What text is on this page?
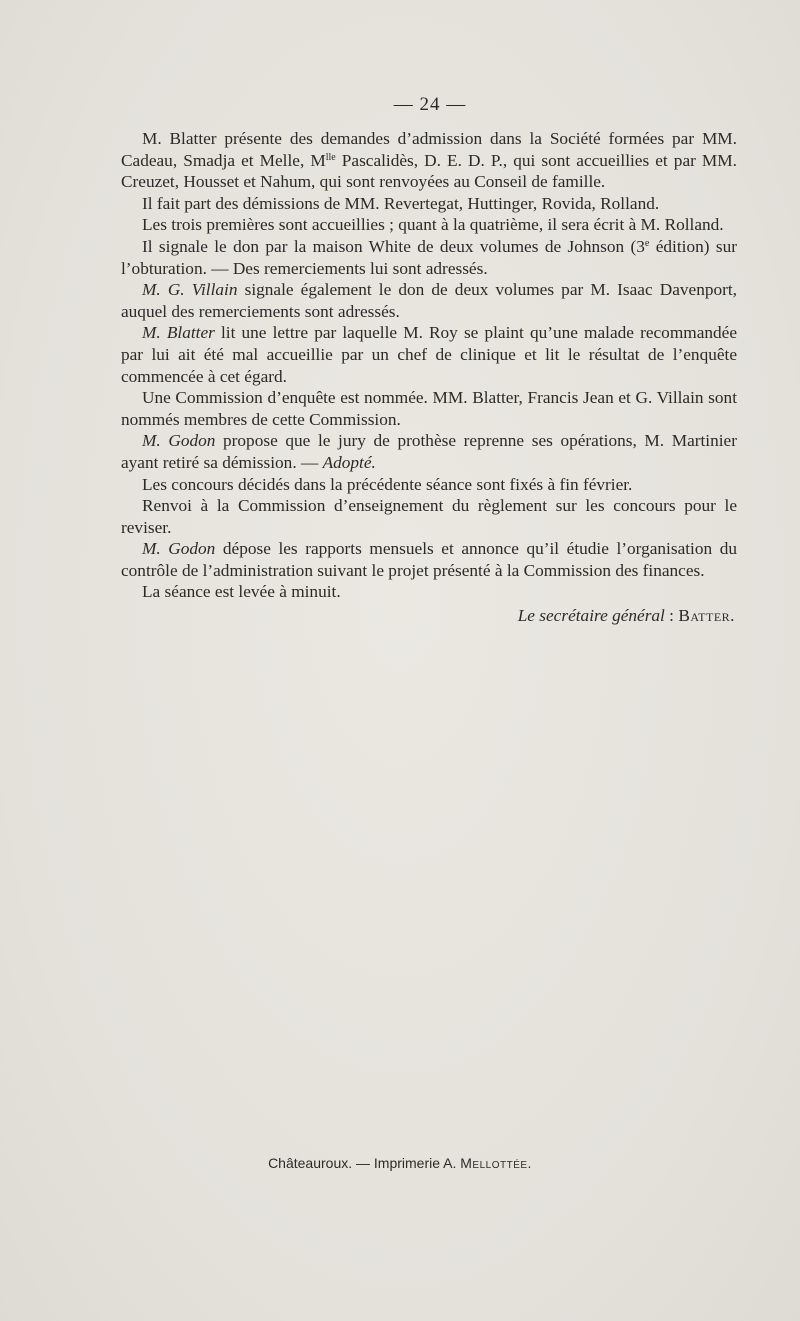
— 24 —

M. Blatter présente des demandes d’admission dans la Société formées par MM. Cadeau, Smadja et Melle, $M^{lle}$ Pascalidès, D. E. D. P., qui sont accueillies et par MM. Creuzet, Housset et Nahum, qui sont renvoyées au Conseil de famille.

Il fait part des démissions de MM. Revertegat, Huttinger, Rovida, Rolland.

Les trois premières sont accueillies ; quant à la quatrième, il sera écrit à M. Rolland.

Il signale le don par la maison White de deux volumes de Johnson (3e édition) sur l’obturation. — Des remerciements lui sont adressés.

M. G. Villain signale également le don de deux volumes par M. Isaac Davenport, auquel des remerciements sont adressés.

M. Blatter lit une lettre par laquelle M. Roy se plaint qu’une malade recommandée par lui ait été mal accueillie par un chef de clinique et lit le résultat de l’enquête commencée à cet égard.

Une Commission d’enquête est nommée. MM. Blatter, Francis Jean et G. Villain sont nommés membres de cette Commission.

M. Godon propose que le jury de prothèse reprenne ses opérations, M. Martinier ayant retiré sa démission. — Adopté.

Les concours décidés dans la précédente séance sont fixés à fin février.

Renvoi à la Commission d’enseignement du règlement sur les concours pour le reviser.

M. Godon dépose les rapports mensuels et annonce qu’il étudie l’organisation du contrôle de l’administration suivant le projet présenté à la Commission des finances.

La séance est levée à minuit.

Le secrétaire général : Batter.
Châteauroux. — Imprimerie A. Mellottée.
